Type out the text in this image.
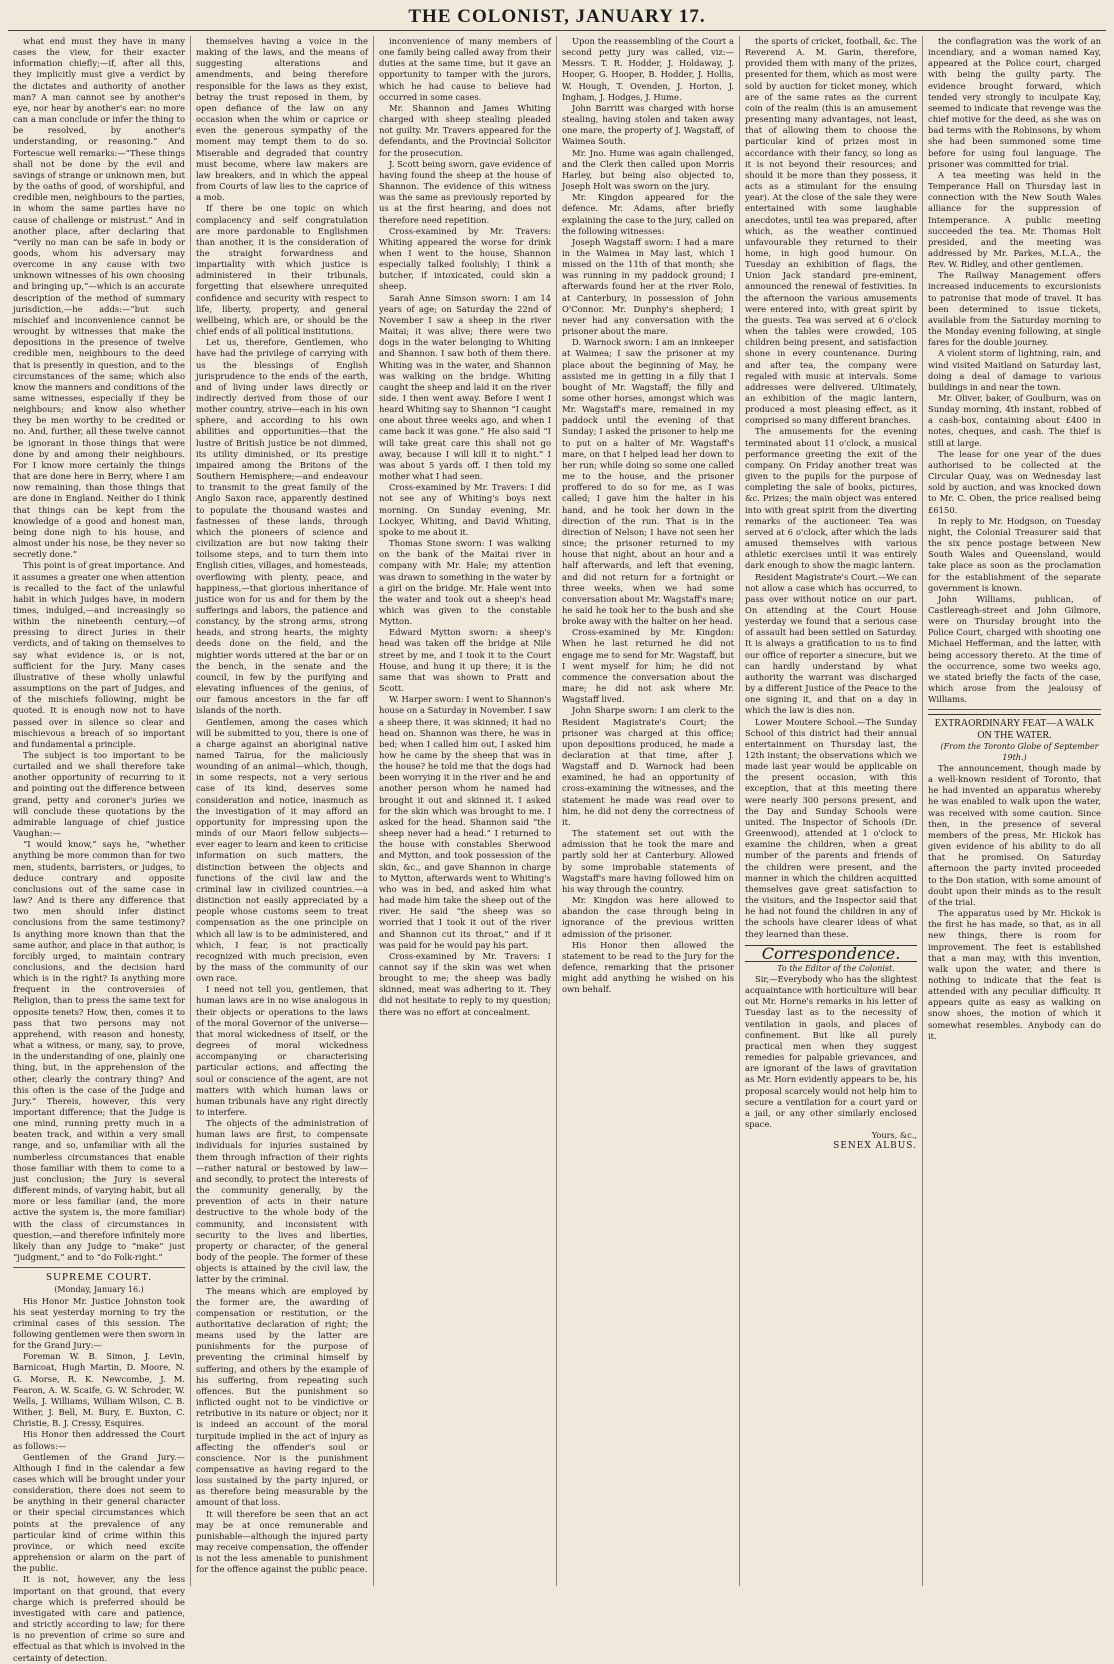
THE COLONIST, JANUARY 17.

what end must they have in many cases the view, for their exacter information chiefly;—if, after all this, they implicitly must give a verdict by the dictates and authority of another man? A man cannot see by another's eye, nor hear by another's ear: no more can a man conclude or infer the thing to be resolved, by another's understanding, or reasoning.” And Fortescue well remarks:—“These things shall not be done by the evil and savings of strange or unknown men, but by the oaths of good, of worshipful, and credible men, neighbours to the parties, in whom the same parties have no cause of challenge or mistrust.” And in another place, after declaring that “verily no man can be safe in body or goods, whom his adversary may overcome in any cause with two unknown witnesses of his own choosing and bringing up,”—which is an accurate description of the method of summary jurisdiction,—he adds:—“but such mischief and inconvenience cannot be wrought by witnesses that make the depositions in the presence of twelve credible men, neighbours to the deed that is presently in question, and to the circumstances of the same; which also know the manners and conditions of the same witnesses, especially if they be neighbours; and know also whether they be men worthy to be credited or no. And, further, all these twelve cannot be ignorant in those things that were done by and among their neighbours. For I know more certainly the things that are done here in Berry, where I am now remaining, than those things that are done in England. Neither do I think that things can be kept from the knowledge of a good and honest man, being done nigh to his house, and almost under his nose, be they never so secretly done.”

This point is of great importance. And it assumes a greater one when attention is recalled to the fact of the unlawful habit in which Judges have, in modern times, indulged,—and increasingly so within the nineteenth century,—of pressing to direct Juries in their verdicts, and of taking on themselves to say what evidence is, or is not, sufficient for the Jury. Many cases illustrative of these wholly unlawful assumptions on the part of Judges, and of the mischiefs following, might be quoted. It is enough now not to have passed over in silence so clear and mischievous a breach of so important and fundamental a principle.

The subject is too important to be curtailed and we shall therefore take another opportunity of recurring to it and pointing out the difference between grand, petty and coroner's juries we will conclude these quotations by the admirable language of chief justice Vaughan:—

“I would know,” says he, “whether anything be more common than for two men, students, barristers, or judges, to deduce contrary and opposite conclusions out of the same case in law? And is there any difference that two men should infer distinct conclusions from the same testimony? Is anything more known than that the same author, and place in that author, is forcibly urged, to maintain contrary conclusions, and the decision hard which is in the right? Is anything more frequent in the controversies of Religion, than to press the same text for opposite tenets? How, then, comes it to pass that two persons may not apprehend, with reason and honesty, what a witness, or many, say, to prove, in the understanding of one, plainly one thing, but, in the apprehension of the other, clearly the contrary thing? And this often is the case of the Judge and Jury.” Thereis, however, this very important difference; that the Judge is one mind, running pretty much in a beaten track, and within a very small range, and so, unfamiliar with all the numberless circumstances that enable those familiar with them to come to a just conclusion; the Jury is several different minds, of varying habit, but all more or less familiar (and, the more active the system is, the more familiar) with the class of circumstances in question,—and therefore infinitely more likely than any Judge to “make” just “judgment,” and to “do Folk-right.”

SUPREME COURT.

(Monday, January 16.)

His Honor Mr. Justice Johnston took his seat yesterday morning to try the criminal cases of this session. The following gentlemen were then sworn in for the Grand Jury:—

Foreman W. B. Simon, J. Levin, Barnicoat, Hugh Martin, D. Moore, N. G. Morse, R. K. Newcombe, J. M. Fearon, A. W. Scaife, G. W. Schroder, W. Wells, J. Williams, William Wilson, C. B. Wither, J. Bell, M. Bury, E. Buxton, C. Christie, B. J. Cressy, Esquires.

His Honor then addressed the Court as follows:—

Gentlemen of the Grand Jury.—Although I find in the calendar a few cases which will be brought under your consideration, there does not seem to be anything in their general character or their special circumstances which points at the prevalence of any particular kind of crime within this province, or which need excite apprehension or alarm on the part of the public.

It is not, however, any the less important on that ground, that every charge which is preferred should be investigated with care and patience, and strictly according to law; for there is no prevention of crime so sure and effectual as that which is involved in the certainty of detection.

themselves having a voice in the making of the laws, and the means of suggesting alterations and amendments, and being therefore responsible for the laws as they exist, betray the trust reposed in them, by open defiance of the law on any occasion when the whim or caprice or even the generous sympathy of the moment may tempt them to do so. Miserable and degraded that country must become, where law makers are law breakers, and in which the appeal from Courts of law lies to the caprice of a mob.

If there be one topic on which complacency and self congratulation are more pardonable to Englishmen than another, it is the consideration of the straight forwardness and impartiality with which justice is administered in their tribunals, forgetting that elsewhere unrequited confidence and security with respect to life, liberty, property, and general wellbeing, which are, or should be the chief ends of all political institutions.

Let us, therefore, Gentlemen, who have had the privilege of carrying with us the blessings of English jurisprudence to the ends of the earth, and of living under laws directly or indirectly derived from those of our mother country, strive—each in his own sphere, and according to his own abilities and opportunities—that the lustre of British justice be not dimmed, its utility diminished, or its prestige impaired among the Britons of the Southern Hemisphere;—and endeavour to transmit to the great family of the Anglo Saxon race, apparently destined to populate the thousand wastes and fastnesses of these lands, through which the pioneers of science and civilization are but now taking their toilsome steps, and to turn them into English cities, villages, and homesteads, overflowing with plenty, peace, and happiness,—that glorious inheritance of justice won for us and for them by the sufferings and labors, the patience and constancy, by the strong arms, strong heads, and strong hearts, the mighty deeds done on the field, and the mightier words uttered at the bar or on the bench, in the senate and the council, in few by the purifying and elevating influences of the genius, of our famous ancestors in the far off islands of the north.

Gentlemen, among the cases which will be submitted to you, there is one of a charge against an aboriginal native named Tairua, for the maliciously wounding of an animal—which, though, in some respects, not a very serious case of its kind, deserves some consideration and notice, inasmuch as the investigation of it may afford an opportunity for impressing upon the minds of our Maori fellow subjects—ever eager to learn and keen to criticise information on such matters, the distinction between the objects and functions of the civil law and the criminal law in civilized countries.—a distinction not easily appreciated by a people whose customs seem to treat compensation as the one principle on which all law is to be administered, and which, I fear, is not practically recognized with much precision, even by the mass of the community of our own race.

I need not tell you, gentlemen, that human laws are in no wise analogous in their objects or operations to the laws of the moral Governor of the universe—that moral wickedness of itself, or the degrees of moral wickedness accompanying or characterising particular actions, and affecting the soul or conscience of the agent, are not matters with which human laws or human tribunals have any right directly to interfere.

The objects of the administration of human laws are first, to compensate individuals for injuries sustained by them through infraction of their rights—rather natural or bestowed by law—and secondly, to protect the interests of the community generally, by the prevention of acts in their nature destructive to the whole body of the community, and inconsistent with security to the lives and liberties, property or character, of the general body of the people. The former of these objects is attained by the civil law, the latter by the criminal.

The means which are employed by the former are, the awarding of compensation or restitution, or the authoritative declaration of right; the means used by the latter are punishments for the purpose of preventing the criminal himself by suffering, and others by the example of his suffering, from repeating such offences. But the punishment so inflicted ought not to be vindictive or retributive in its nature or object; nor it is indeed an account of the moral turpitude implied in the act of injury as affecting the offender's soul or conscience. Nor is the punishment compensative as having regard to the loss sustained by the party injured, or as therefore being measurable by the amount of that loss.

It will therefore be seen that an act may be at once remunerable and punishable—although the injured party may receive compensation, the offender is not the less amenable to punishment for the offence against the public peace.

inconvenience of many members of one family being called away from their duties at the same time, but it gave an opportunity to tamper with the jurors, which he had cause to believe had occurred in some cases.

Mr. Shannon and James Whiting charged with sheep stealing pleaded not guilty. Mr. Travers appeared for the defendants, and the Provincial Solicitor for the prosecution.

J. Scott being sworn, gave evidence of having found the sheep at the house of Shannon. The evidence of this witness was the same as previously reported by us at the first hearing, and does not therefore need repetition.

Cross-examined by Mr. Travers: Whiting appeared the worse for drink when I went to the house, Shannon especially talked foolishly; I think a butcher, if intoxicated, could skin a sheep.

Sarah Anne Simson sworn: I am 14 years of age; on Saturday the 22nd of November I saw a sheep in the river Maitai; it was alive; there were two dogs in the water belonging to Whiting and Shannon. I saw both of them there. Whiting was in the water, and Shannon was walking on the bridge. Whiting caught the sheep and laid it on the river side. I then went away. Before I went I heard Whiting say to Shannon “I caught one about three weeks ago, and when I came back it was gone.” He also said “I will take great care this shall not go away, because I will kill it to night.” I was about 5 yards off. I then told my mother what I had seen.

Cross-examined by Mr. Travers: I did not see any of Whiting's boys next morning. On Sunday evening, Mr. Lockyer, Whiting, and David Whiting, spoke to me about it.

Thomas Stone sworn: I was walking on the bank of the Maitai river in company with Mr. Hale; my attention was drawn to something in the water by a girl on the bridge. Mr. Hale went into the water and took out a sheep's head which was given to the constable Mytton.

Edward Mytton sworn: a sheep's head was taken off the bridge at Nile street by me, and I took it to the Court House, and hung it up there; it is the same that was shown to Pratt and Scott.

W. Harper sworn: I went to Shannon's house on a Saturday in November. I saw a sheep there, it was skinned; it had no head on. Shannon was there, he was in bed; when I called him out, I asked him how he came by the sheep that was in the house? he told me that the dogs had been worrying it in the river and he and another person whom he named had brought it out and skinned it. I asked for the skin which was brought to me. I asked for the head. Shannon said “the sheep never had a head.” I returned to the house with constables Sherwood and Mytton, and took possession of the skin, &c., and gave Shannon in charge to Mytton, afterwards went to Whiting's who was in bed, and asked him what had made him take the sheep out of the river. He said “the sheep was so worried that I took it out of the river and Shannon cut its throat,” and if it was paid for he would pay his part.

Cross-examined by Mr. Travers: I cannot say if the skin was wet when brought to me; the sheep was badly skinned, meat was adhering to it. They did not hesitate to reply to my question; there was no effort at concealment.

Upon the reassembling of the Court a second petty jury was called, viz:—Messrs. T. R. Hodder, J. Holdaway, J. Hooper, G. Hooper, B. Hodder, J. Hollis, W. Hough, T. Ovenden, J. Horton, J. Ingham, J. Hodges, J. Hume.

John Barritt was charged with horse stealing, having stolen and taken away one mare, the property of J. Wagstaff, of Waimea South.

Mr. Jno. Hume was again challenged, and the Clerk then called upon Morris Harley, but being also objected to, Joseph Holt was sworn on the jury.

Mr. Kingdon appeared for the defence. Mr. Adams, after briefly explaining the case to the jury, called on the following witnesses:

Joseph Wagstaff sworn: I had a mare in the Waimea in May last, which I missed on the 11th of that month; she was running in my paddock ground; I afterwards found her at the river Rolo, at Canterbury, in possession of John O'Connor. Mr. Dunphy's shepherd; I never had any conversation with the prisoner about the mare.

D. Warnock sworn: I am an innkeeper at Waimea; I saw the prisoner at my place about the beginning of May, he assisted me in getting in a filly that I bought of Mr. Wagstaff; the filly and some other horses, amongst which was Mr. Wagstaff's mare, remained in my paddock until the evening of that Sunday; I asked the prisoner to help me to put on a halter of Mr. Wagstaff's mare, on that I helped lead her down to her run; while doing so some one called me to the house, and the prisoner proffered to do so for me, as I was called; I gave him the halter in his hand, and he took her down in the direction of the run. That is in the direction of Nelson; I have not seen her since; the prisoner returned to my house that night, about an hour and a half afterwards, and left that evening, and did not return for a fortnight or three weeks, when we had some conversation about Mr. Wagstaff's mare; he said he took her to the bush and she broke away with the halter on her head.

Cross-examined by Mr. Kingdon: When he last returned he did not engage me to send for Mr. Wagstaff, but I went myself for him; he did not commence the conversation about the mare; he did not ask where Mr. Wagstaff lived.

John Sharpe sworn: I am clerk to the Resident Magistrate's Court; the prisoner was charged at this office; upon depositions produced, he made a declaration at that time, after J. Wagstaff and D. Warnock had been examined, he had an opportunity of cross-examining the witnesses, and the statement he made was read over to him, he did not deny the correctness of it.

The statement set out with the admission that he took the mare and partly sold her at Canterbury. Allowed by some improbable statements of Wagstaff's mare having followed him on his way through the country.

Mr. Kingdon was here allowed to abandon the case through being in ignorance of the previous written admission of the prisoner.

His Honor then allowed the statement to be read to the Jury for the defence, remarking that the prisoner might add anything he wished on his own behalf.

the sports of cricket, football, &c. The Reverend A. M. Garin, therefore, provided them with many of the prizes, presented for them, which as most were sold by auction for ticket money, which are of the same rates as the current coin of the realm (this is an amusement presenting many advantages, not least, that of allowing them to choose the particular kind of prizes most in accordance with their fancy, so long as it is not beyond their resources; and should it be more than they possess, it acts as a stimulant for the ensuing year). At the close of the sale they were entertained with some laughable anecdotes, until tea was prepared, after which, as the weather continued unfavourable they returned to their home, in high good humour. On Tuesday an exhibition of flags, the Union Jack standard pre-eminent, announced the renewal of festivities. In the afternoon the various amusements were entered into, with great spirit by the guests. Tea was served at 6 o'clock when the tables were crowded, 105 children being present, and satisfaction shone in every countenance. During and after tea, the company were regaled with music at intervals. Some addresses were delivered. Ultimately, an exhibition of the magic lantern, produced a most pleasing effect, as it comprised so many different branches.

The amusements for the evening terminated about 11 o'clock, a musical performance greeting the exit of the company. On Friday another treat was given to the pupils for the purpose of completing the sale of books, pictures, &c. Prizes; the main object was entered into with great spirit from the diverting remarks of the auctioneer. Tea was served at 6 o'clock, after which the lads amused themselves with various athletic exercises until it was entirely dark enough to show the magic lantern.

Resident Magistrate's Court.—We can not allow a case which has occurred, to pass over without notice on our part. On attending at the Court House yesterday we found that a serious case of assault had been settled on Saturday. It is always a gratification to us to find our office of reporter a sinecure, but we can hardly understand by what authority the warrant was discharged by a different Justice of the Peace to the one signing it, and that on a day in which the law is dies non.

Lower Moutere School.—The Sunday School of this district had their annual entertainment on Thursday last, the 12th instant; the observations which we made last year would be applicable on the present occasion, with this exception, that at this meeting there were nearly 300 persons present, and the Day and Sunday Schools were united. The Inspector of Schools (Dr. Greenwood), attended at 1 o'clock to examine the children, when a great number of the parents and friends of the children were present, and the manner in which the children acquitted themselves gave great satisfaction to the visitors, and the Inspector said that he had not found the children in any of the schools have clearer ideas of what they learned than these.

Correspondence.

To the Editor of the Colonist.

Sir,—Everybody who has the slightest acquaintance with horticulture will bear out Mr. Horne's remarks in his letter of Tuesday last as to the necessity of ventilation in gaols, and places of confinement. But like all purely practical men when they suggest remedies for palpable grievances, and are ignorant of the laws of gravitation as Mr. Horn evidently appears to be, his proposal scarcely would not help him to secure a ventilation for a court yard or a jail, or any other similarly enclosed space.

Yours, &c.,

SENEX ALBUS.

the conflagration was the work of an incendiary, and a woman named Kay, appeared at the Police court, charged with being the guilty party. The evidence brought forward, which tended very strongly to inculpate Kay, seemed to indicate that revenge was the chief motive for the deed, as she was on bad terms with the Robinsons, by whom she had been summoned some time before for using foul language. The prisoner was committed for trial.

A tea meeting was held in the Temperance Hall on Thursday last in connection with the New South Wales alliance for the suppression of Intemperance. A public meeting succeeded the tea. Mr. Thomas Holt presided, and the meeting was addressed by Mr. Parkes, M.L.A., the Rev. W. Ridley, and other gentlemen.

The Railway Management offers increased inducements to excursionists to patronise that mode of travel. It has been determined to issue tickets, available from the Saturday morning to the Monday evening following, at single fares for the double journey.

A violent storm of lightning, rain, and wind visited Maitland on Saturday last, doing a deal of damage to various buildings in and near the town.

Mr. Oliver, baker, of Goulburn, was on Sunday morning, 4th instant, robbed of a cash-box, containing about £400 in notes, cheques, and cash. The thief is still at large.

The lease for one year of the dues authorised to be collected at the Circular Quay, was on Wednesday last sold by auction, and was knocked down to Mr. C. Oben, the price realised being £6150.

In reply to Mr. Hodgson, on Tuesday night, the Colonial Treasurer said that the six pence postage between New South Wales and Queensland, would take place as soon as the proclamation for the establishment of the separate government is known.

John Williams, publican, of Castlereagh-street and John Gilmore, were on Thursday brought into the Police Court, charged with shooting one Michael Hefferman, and the latter, with being accessory thereto. At the time of the occurrence, some two weeks ago, we stated briefly the facts of the case, which arose from the jealousy of Williams.

EXTRAORDINARY FEAT—A WALK ON THE WATER.

(From the Toronto Globe of September 19th.)

The announcement, though made by a well-known resident of Toronto, that he had invented an apparatus whereby he was enabled to walk upon the water, was received with some caution. Since then, in the presence of several members of the press, Mr. Hickok has given evidence of his ability to do all that he promised. On Saturday afternoon the party invited proceeded to the Don station, with some amount of doubt upon their minds as to the result of the trial.

The apparatus used by Mr. Hickok is the first he has made, so that, as in all new things, there is room for improvement. The feet is established that a man may, with this invention, walk upon the water, and there is nothing to indicate that the feat is attended with any peculiar difficulty. It appears quite as easy as walking on snow shoes, the motion of which it somewhat resembles. Anybody can do it.
